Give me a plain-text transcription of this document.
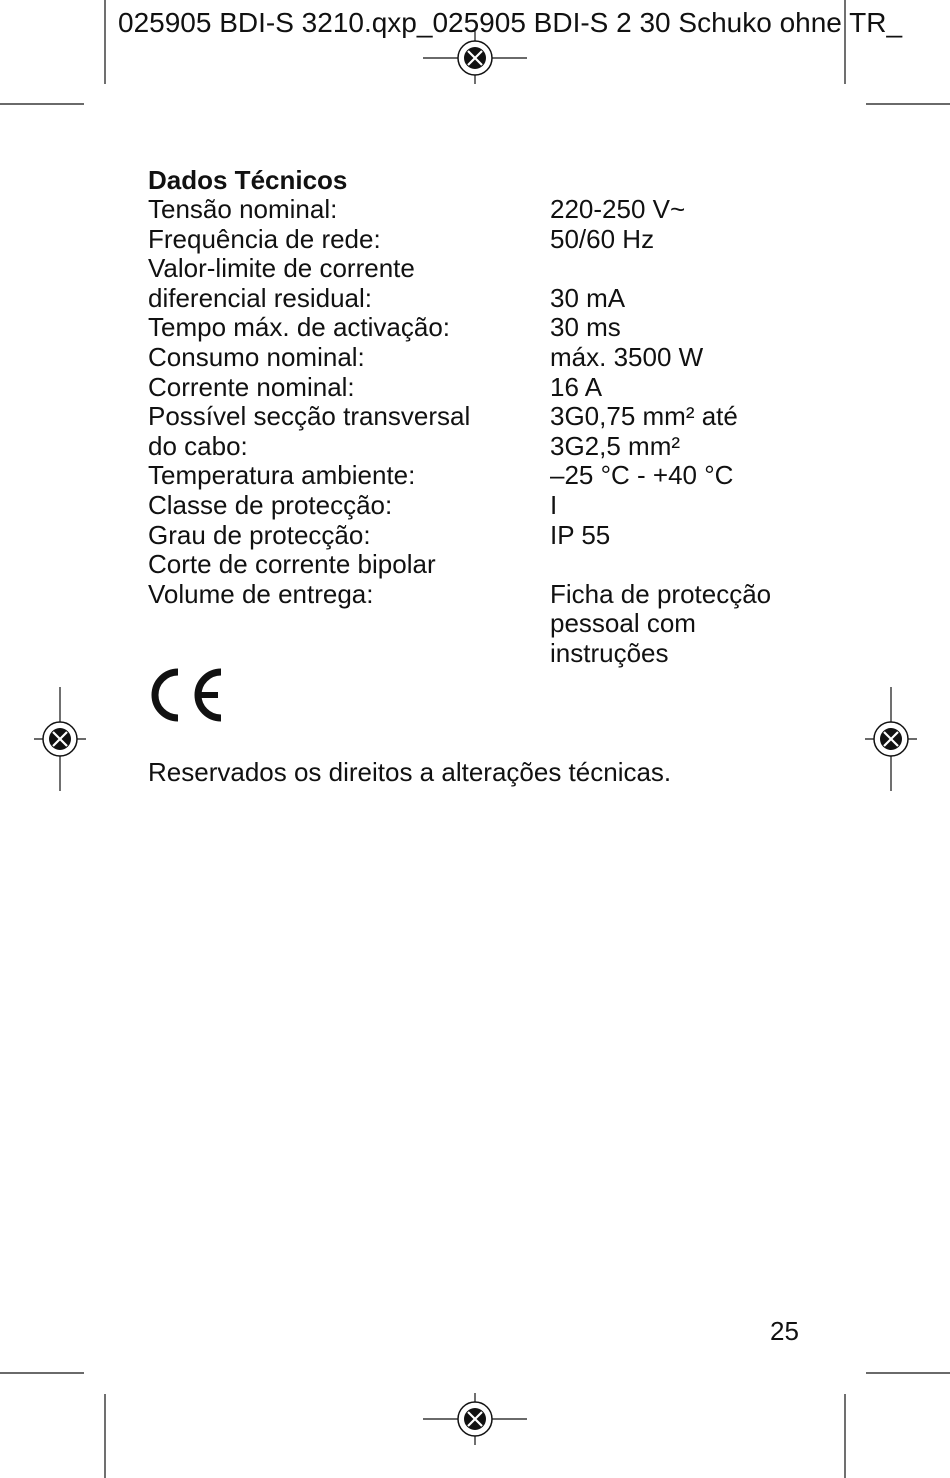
025905 BDI-S 3210.qxp_025905 BDI-S 2 30 Schuko ohne TR_
Dados Técnicos
Tensão nominal:	220-250 V~
Frequência de rede:	50/60 Hz
Valor-limite de corrente	
diferencial residual:	30 mA
Tempo máx. de activação:	30 ms
Consumo nominal:	máx. 3500 W
Corrente nominal:	16 A
Possível secção transversal	3G0,75 mm² até
do cabo:	3G2,5 mm²
Temperatura ambiente:	–25 °C - +40 °C
Classe de protecção:	I
Grau de protecção:	IP 55
Corte de corrente bipolar	
Volume de entrega:	Ficha de protecção
	pessoal com
	instruções
Reservados os direitos a alterações técnicas.
25
